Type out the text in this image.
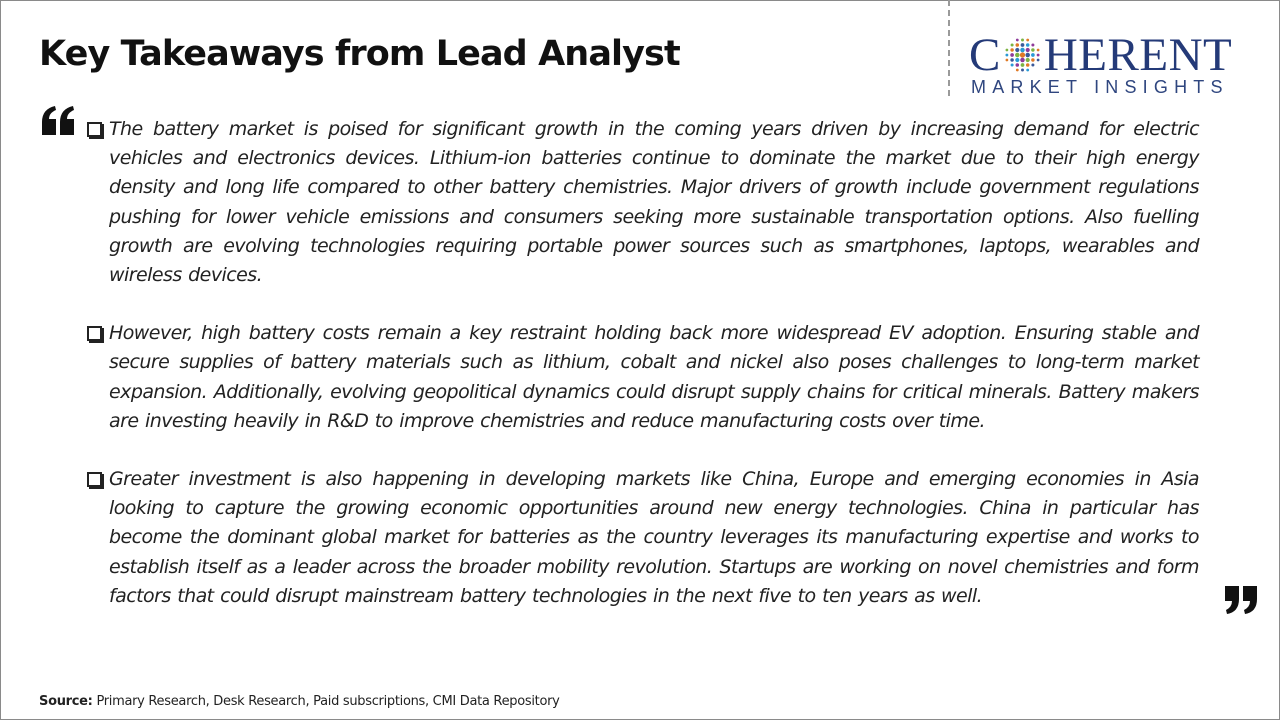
Key Takeaways from Lead Analyst	C HERENT
MARKET INSIGHTS
The battery market is poised for significant growth in the coming years driven by increasing demand for electric vehicles and electronics devices. Lithium-ion batteries continue to dominate the market due to their high energy density and long life compared to other battery chemistries. Major drivers of growth include government regulations pushing for lower vehicle emissions and consumers seeking more sustainable transportation options. Also fuelling growth are evolving technologies requiring portable power sources such as smartphones, laptops, wearables and wireless devices.
However, high battery costs remain a key restraint holding back more widespread EV adoption. Ensuring stable and secure supplies of battery materials such as lithium, cobalt and nickel also poses challenges to long-term market expansion. Additionally, evolving geopolitical dynamics could disrupt supply chains for critical minerals. Battery makers are investing heavily in R&D to improve chemistries and reduce manufacturing costs over time.
Greater investment is also happening in developing markets like China, Europe and emerging economies in Asia looking to capture the growing economic opportunities around new energy technologies. China in particular has become the dominant global market for batteries as the country leverages its manufacturing expertise and works to establish itself as a leader across the broader mobility revolution. Startups are working on novel chemistries and form factors that could disrupt mainstream battery technologies in the next five to ten years as well.
Source: Primary Research, Desk Research, Paid subscriptions, CMI Data Repository
